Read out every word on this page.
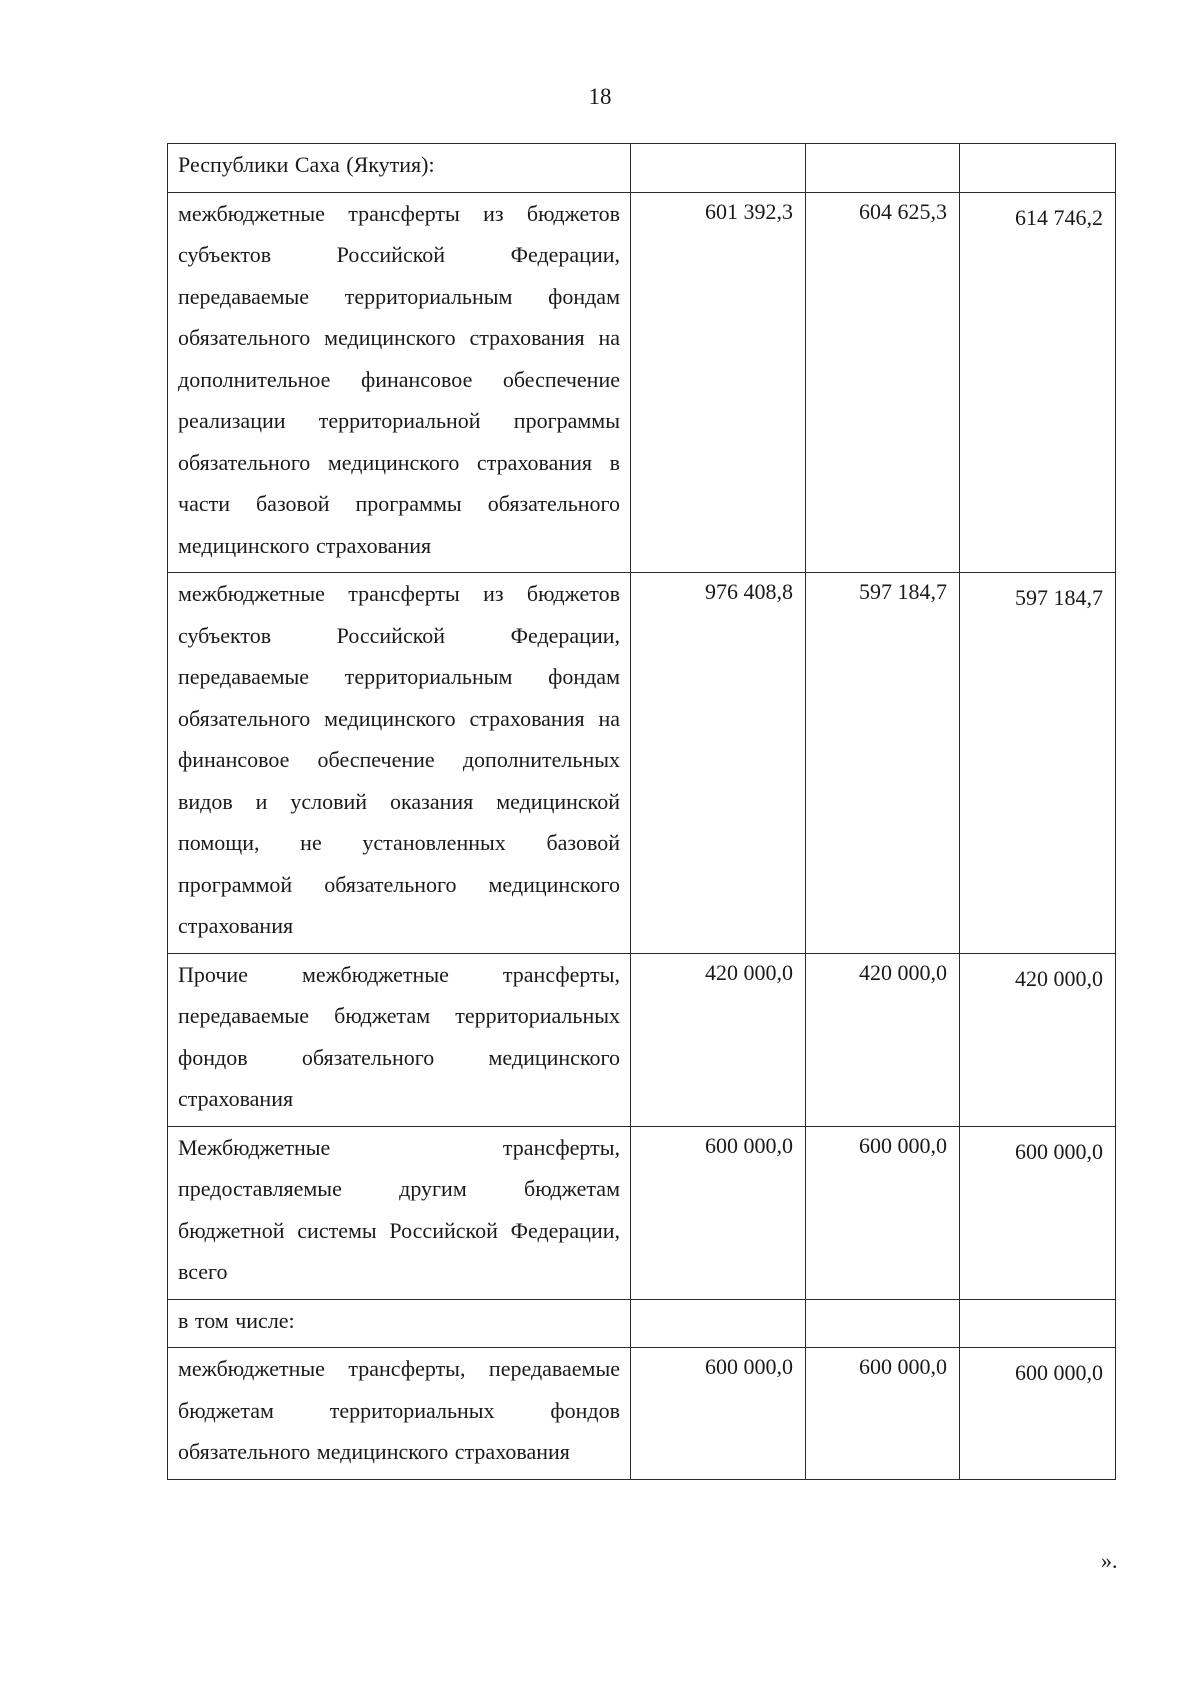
18
Республики Саха (Якутия):			

межбюджетные трансферты из бюджетов субъектов Российской Федерации, передаваемые территориальным фондам обязательного медицинского страхования на дополнительное финансовое обеспечение реализации территориальной программы обязательного медицинского страхования в части базовой программы обязательного медицинского страхования	601 392,3	604 625,3	614 746,2

межбюджетные трансферты из бюджетов субъектов Российской Федерации, передаваемые территориальным фондам обязательного медицинского страхования на финансовое обеспечение дополнительных видов и условий оказания медицинской помощи, не установленных базовой программой обязательного медицинского страхования	976 408,8	597 184,7	597 184,7

Прочие межбюджетные трансферты, передаваемые бюджетам территориальных фондов обязательного медицинского страхования	420 000,0	420 000,0	420 000,0

Межбюджетные трансферты, предоставляемые другим бюджетам бюджетной системы Российской Федерации, всего	600 000,0	600 000,0	600 000,0

в том числе:			

межбюджетные трансферты, передаваемые бюджетам территориальных фондов обязательного медицинского страхования	600 000,0	600 000,0	600 000,0
».
